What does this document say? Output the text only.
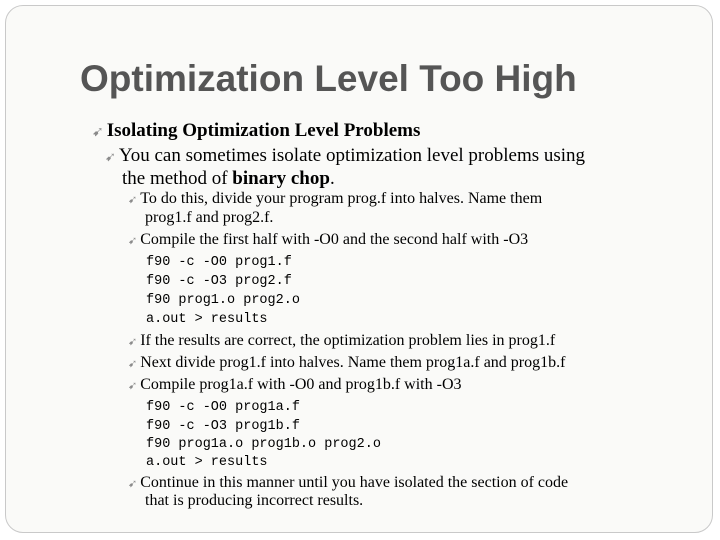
Optimization Level Too High
➹ Isolating Optimization Level Problems
➹ You can sometimes isolate optimization level problems using
the method of binary chop.
➹ To do this, divide your program prog.f into halves. Name them
prog1.f and prog2.f.
➹ Compile the first half with -O0 and the second half with -O3
f90 -c -O0 prog1.f
f90 -c -O3 prog2.f
f90 prog1.o prog2.o
a.out > results
➹ If the results are correct, the optimization problem lies in prog1.f
➹ Next divide prog1.f into halves. Name them prog1a.f and prog1b.f
➹ Compile prog1a.f with -O0 and prog1b.f with -O3
f90 -c -O0 prog1a.f
f90 -c -O3 prog1b.f
f90 prog1a.o prog1b.o prog2.o
a.out > results
➹ Continue in this manner until you have isolated the section of code
that is producing incorrect results.
